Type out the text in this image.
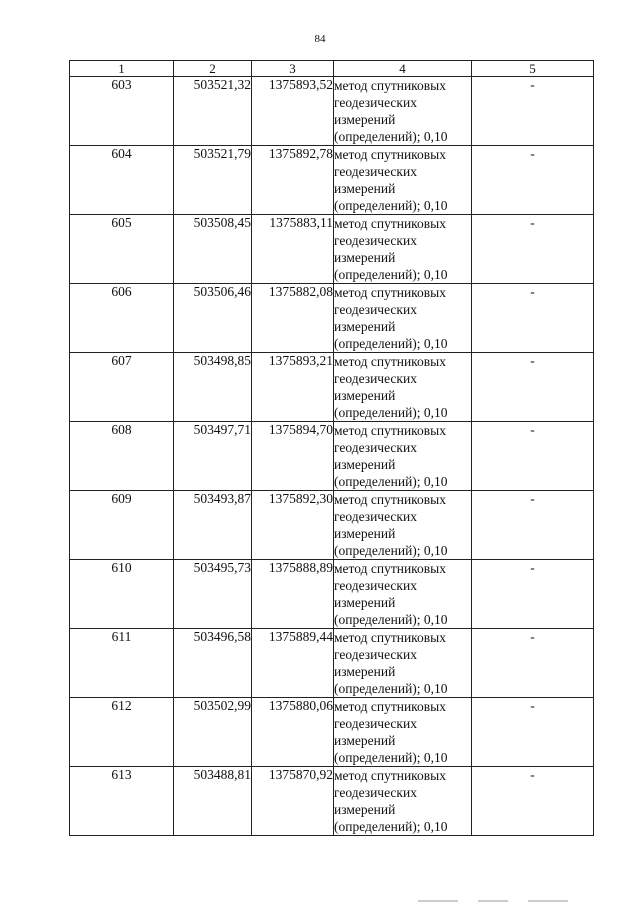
84
1	2	3	4	5
603	503521,32	1375893,52	метод спутниковых
геодезических
измерений
(определений); 0,10	-
604	503521,79	1375892,78	метод спутниковых
геодезических
измерений
(определений); 0,10	-
605	503508,45	1375883,11	метод спутниковых
геодезических
измерений
(определений); 0,10	-
606	503506,46	1375882,08	метод спутниковых
геодезических
измерений
(определений); 0,10	-
607	503498,85	1375893,21	метод спутниковых
геодезических
измерений
(определений); 0,10	-
608	503497,71	1375894,70	метод спутниковых
геодезических
измерений
(определений); 0,10	-
609	503493,87	1375892,30	метод спутниковых
геодезических
измерений
(определений); 0,10	-
610	503495,73	1375888,89	метод спутниковых
геодезических
измерений
(определений); 0,10	-
611	503496,58	1375889,44	метод спутниковых
геодезических
измерений
(определений); 0,10	-
612	503502,99	1375880,06	метод спутниковых
геодезических
измерений
(определений); 0,10	-
613	503488,81	1375870,92	метод спутниковых
геодезических
измерений
(определений); 0,10	-
